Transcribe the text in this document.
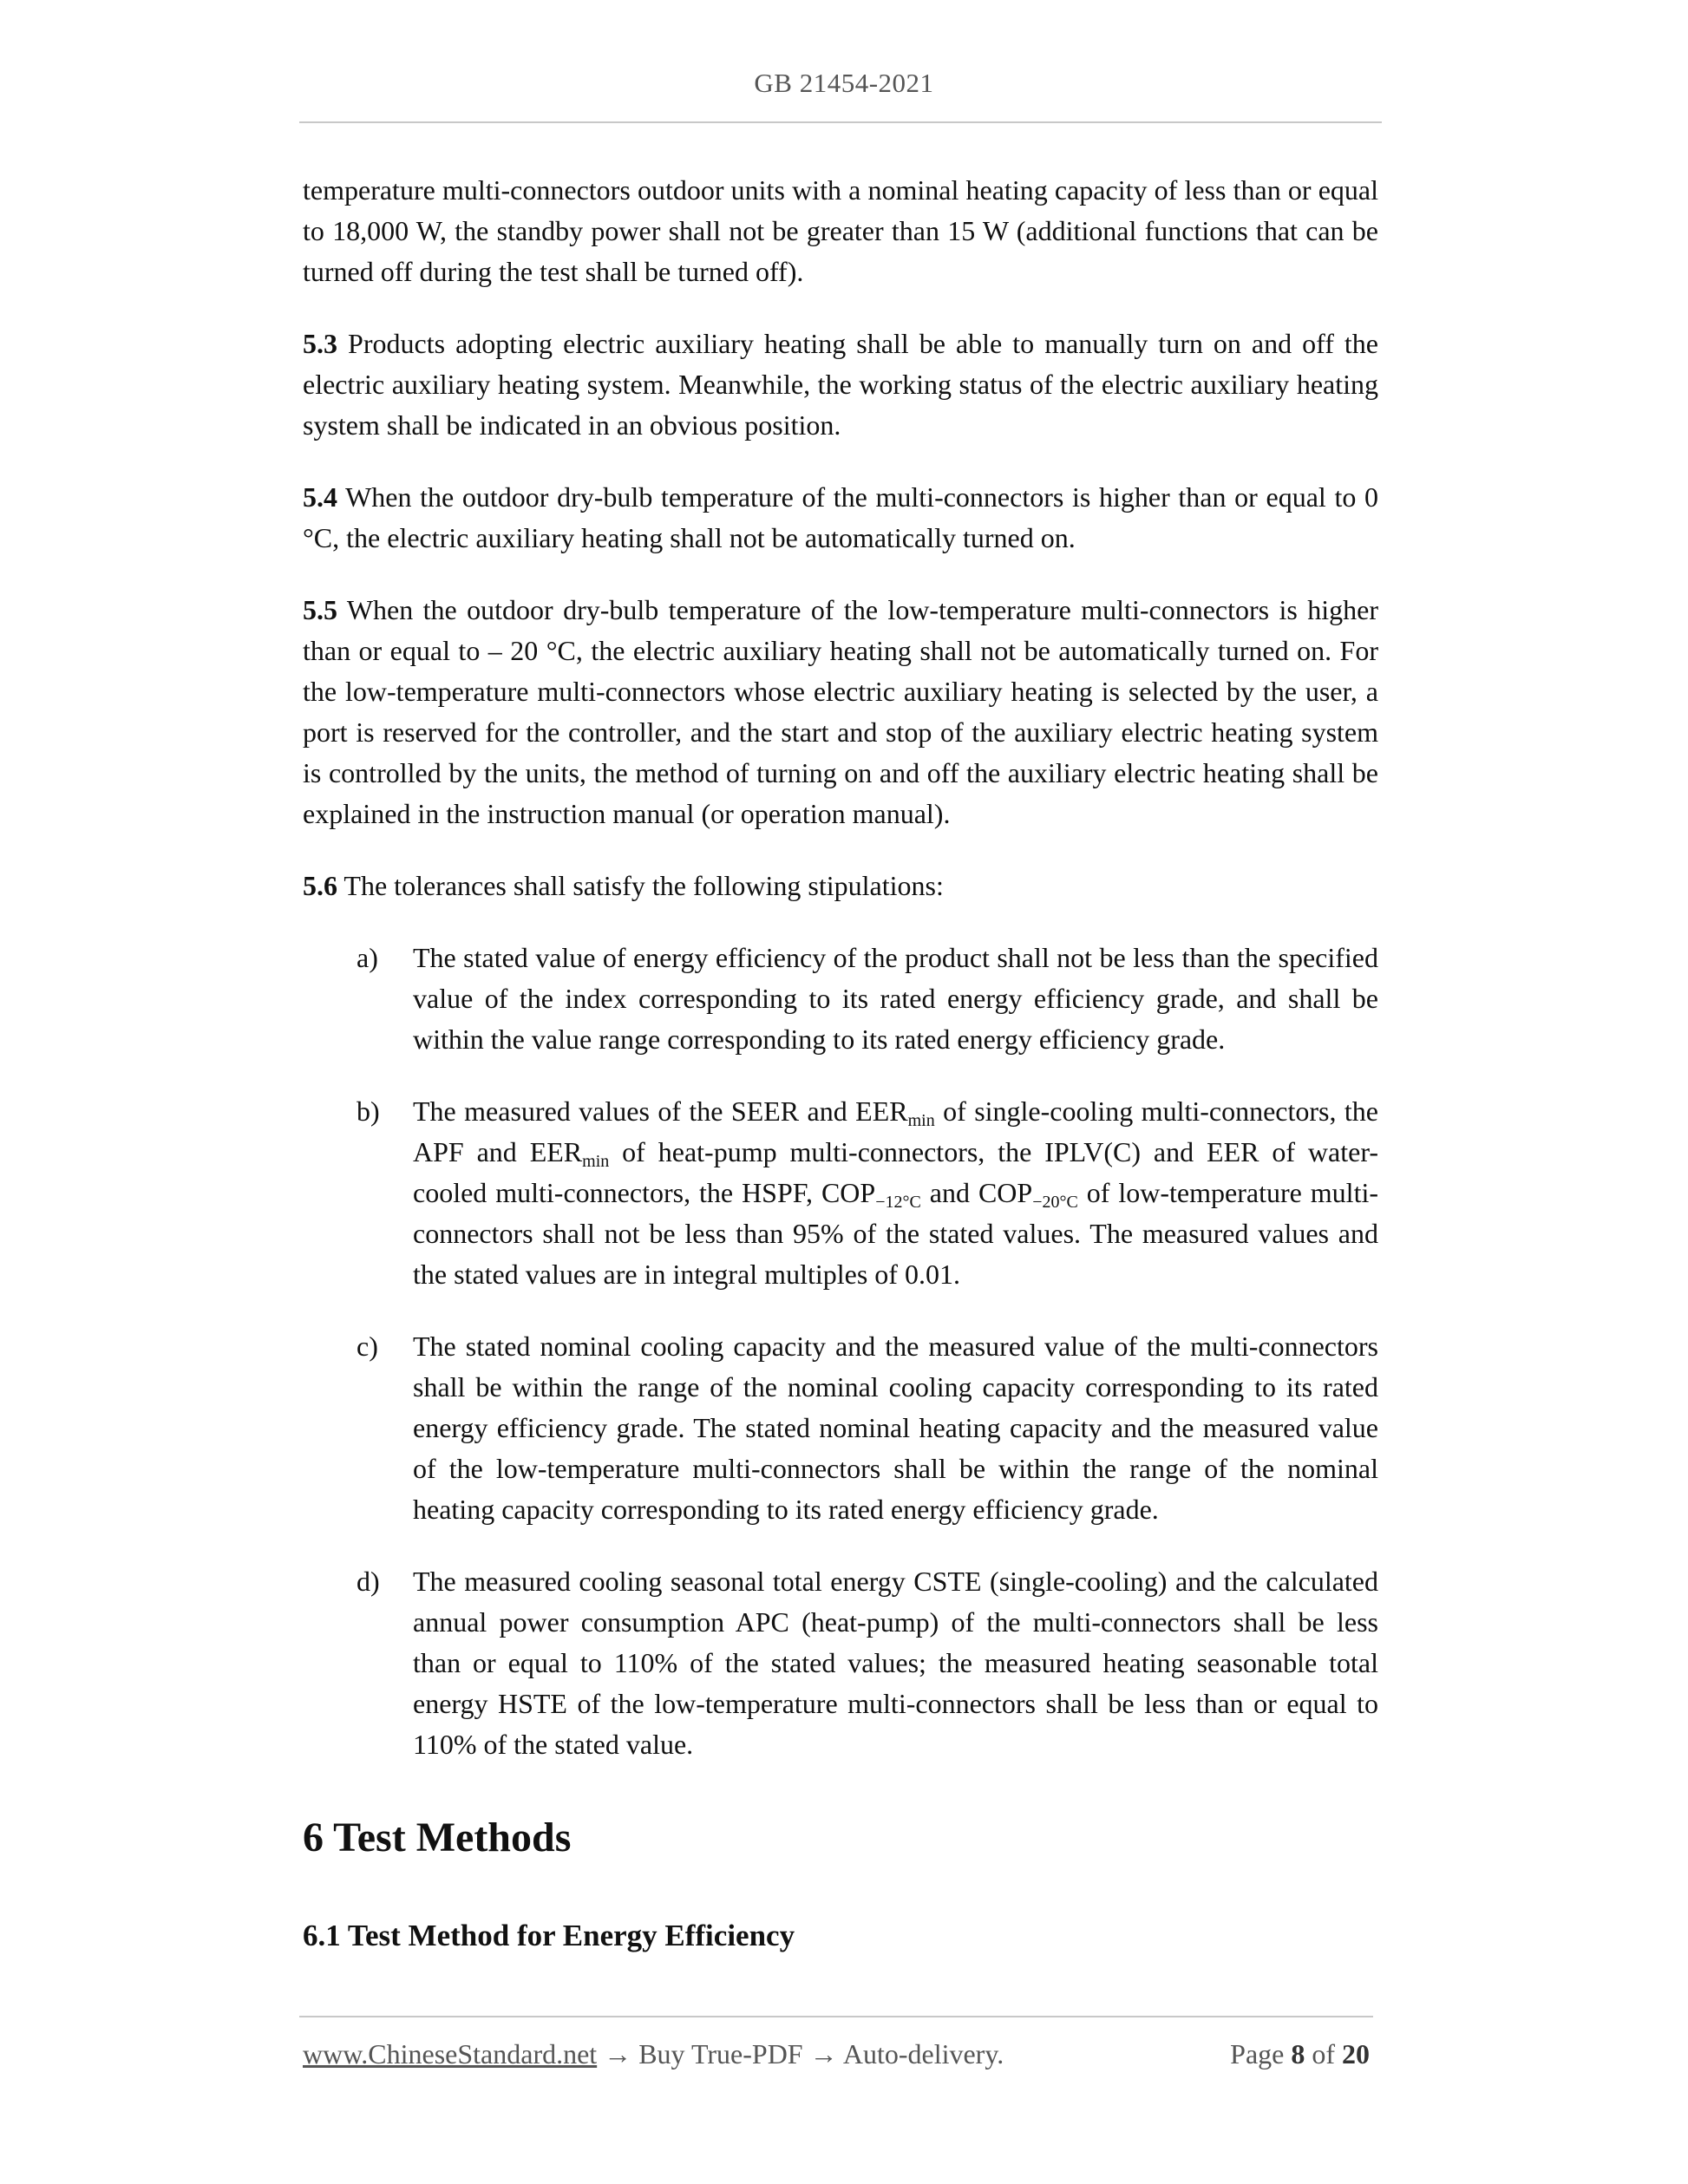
GB 21454-2021

temperature multi-connectors outdoor units with a nominal heating capacity of less than or equal to 18,000 W, the standby power shall not be greater than 15 W (additional functions that can be turned off during the test shall be turned off).

5.3 Products adopting electric auxiliary heating shall be able to manually turn on and off the electric auxiliary heating system. Meanwhile, the working status of the electric auxiliary heating system shall be indicated in an obvious position.

5.4 When the outdoor dry-bulb temperature of the multi-connectors is higher than or equal to 0 °C, the electric auxiliary heating shall not be automatically turned on.

5.5 When the outdoor dry-bulb temperature of the low-temperature multi-connectors is higher than or equal to – 20 °C, the electric auxiliary heating shall not be automatically turned on. For the low-temperature multi-connectors whose electric auxiliary heating is selected by the user, a port is reserved for the controller, and the start and stop of the auxiliary electric heating system is controlled by the units, the method of turning on and off the auxiliary electric heating shall be explained in the instruction manual (or operation manual).

5.6 The tolerances shall satisfy the following stipulations:

a) The stated value of energy efficiency of the product shall not be less than the specified value of the index corresponding to its rated energy efficiency grade, and shall be within the value range corresponding to its rated energy efficiency grade.
b) The measured values of the SEER and $EER_{min}$ of single-cooling multi-connectors, the APF and $EER_{min}$ of heat-pump multi-connectors, the IPLV(C) and EER of water-cooled multi-connectors, the HSPF, $COP_{-12^\circ C}$ and $COP_{-20^\circ C}$ of low-temperature multi-connectors shall not be less than 95% of the stated values. The measured values and the stated values are in integral multiples of 0.01.
c) The stated nominal cooling capacity and the measured value of the multi-connectors shall be within the range of the nominal cooling capacity corresponding to its rated energy efficiency grade. The stated nominal heating capacity and the measured value of the low-temperature multi-connectors shall be within the range of the nominal heating capacity corresponding to its rated energy efficiency grade.
d) The measured cooling seasonal total energy CSTE (single-cooling) and the calculated annual power consumption APC (heat-pump) of the multi-connectors shall be less than or equal to 110% of the stated values; the measured heating seasonable total energy HSTE of the low-temperature multi-connectors shall be less than or equal to 110% of the stated value.
6 Test Methods
6.1 Test Method for Energy Efficiency
www.ChineseStandard.net → Buy True-PDF → Auto-delivery.	Page 8 of 20
